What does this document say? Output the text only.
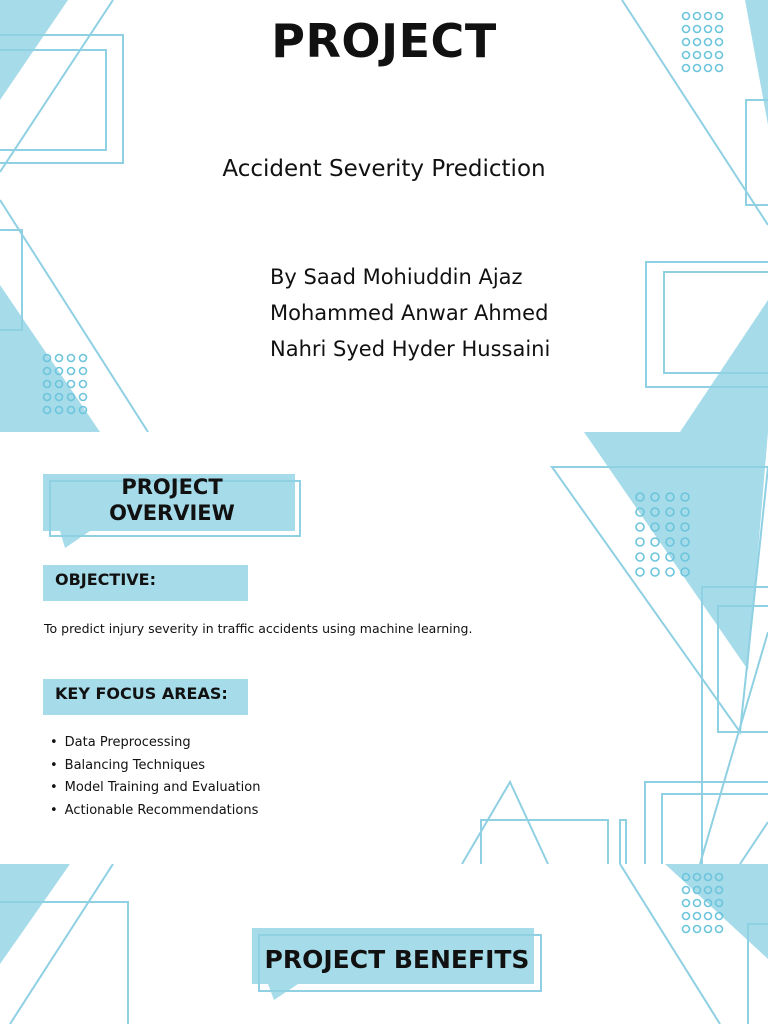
PROJECT
Accident Severity Prediction
By Saad Mohiuddin Ajaz
Mohammed Anwar Ahmed
Nahri Syed Hyder Hussaini
PROJECT
OVERVIEW
OBJECTIVE:
To predict injury severity in traffic accidents using machine learning.
KEY FOCUS AREAS:
• Data Preprocessing
• Balancing Techniques
• Model Training and Evaluation
• Actionable Recommendations
PROJECT BENEFITS
